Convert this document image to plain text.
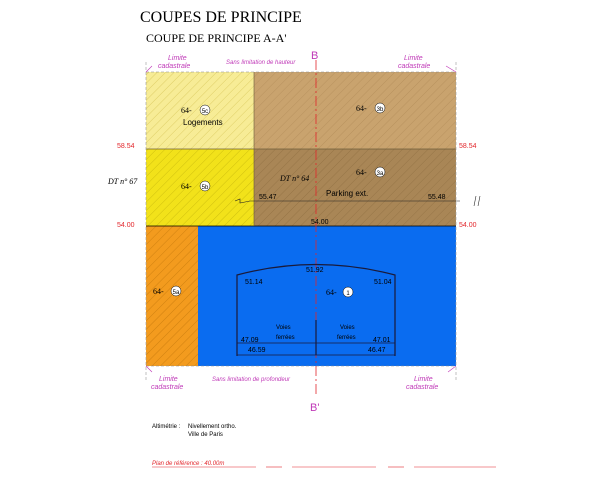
COUPES DE PRINCIPE
COUPE DE PRINCIPE A-A'
B
B'
Limite
cadastrale
Limite
cadastrale
Limite
cadastrale
Limite
cadastrale
Sans limitation de hauteur
Sans limitation de profondeur
58.54	58.54
54.00	54.00
54.00
55.47	55.48
DT n° 67	DT n° 64
64- 5c
Logements
64- 3b
64- 5b
64- 3a
Parking ext.
64- 5a
51.92
51.14	51.04
64- 1
Voies
ferrées
Voies
ferrées
47.09
46.59
47.01
46.47
Altimétrie : Nivellement ortho.
Ville de Paris
Plan de référence : 40.00m
